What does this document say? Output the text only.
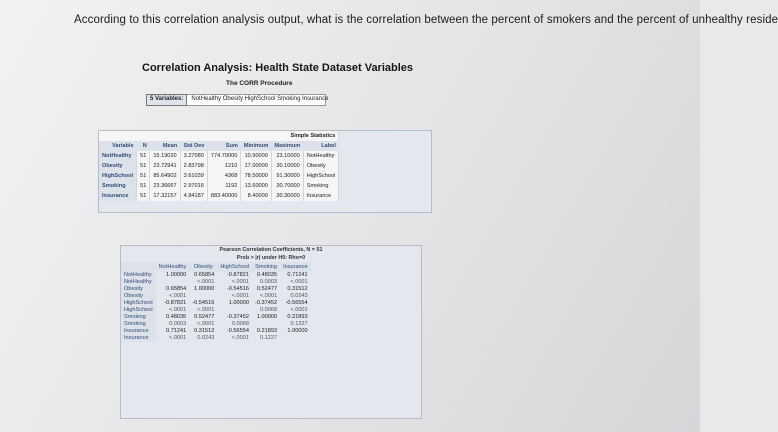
According to this correlation analysis output, what is the correlation between the percent of smokers and the percent of unhealthy reside
Correlation Analysis: Health State Dataset Variables
The CORR Procedure
5 Variables:	NotHealthy Obesity HighSchool Smoking Insurance
Simple Statistics							
Variable	N	Mean	Std Dev	Sum	Minimum	Maximum	Label
NotHealthy	51	15.19020	3.27080	774.70000	10.90000	23.10000	NotHealthy
Obesity	51	23.72941	2.83798	1210	17.00000	30.10000	Obesity
HighSchool	51	85.64902	3.61039	4368	78.50000	91.30000	HighSchool
Smoking	51	23.36667	2.97016	1192	13.60000	30.70000	Smoking
Insurance	51	17.32157	4.84187	883.40000	8.40000	30.30000	Insurance
Pearson Correlation Coefficients, N = 51
Prob > |r| under H0: Rho=0
	NotHealthy	Obesity	HighSchool	Smoking	Insurance
NotHealthy	1.00000	0.65854	-0.87821	0.48035	0.71241
NotHealthy		<.0001	<.0001	0.0003	<.0001

Obesity	0.65854	1.00000	-0.54516	0.52477	0.31512
Obesity	<.0001		<.0001	<.0001	0.0243

HighSchool	-0.87821	-0.54516	1.00000	-0.37452	-0.56554
HighSchool	<.0001	<.0001		0.0068	<.0001

Smoking	0.48035	0.52477	-0.37452	1.00000	0.21893
Smoking	0.0003	<.0001	0.0068		0.1227

Insurance	0.71241	0.31512	-0.56554	0.21893	1.00000
Insurance	<.0001	0.0243	<.0001	0.1227	
